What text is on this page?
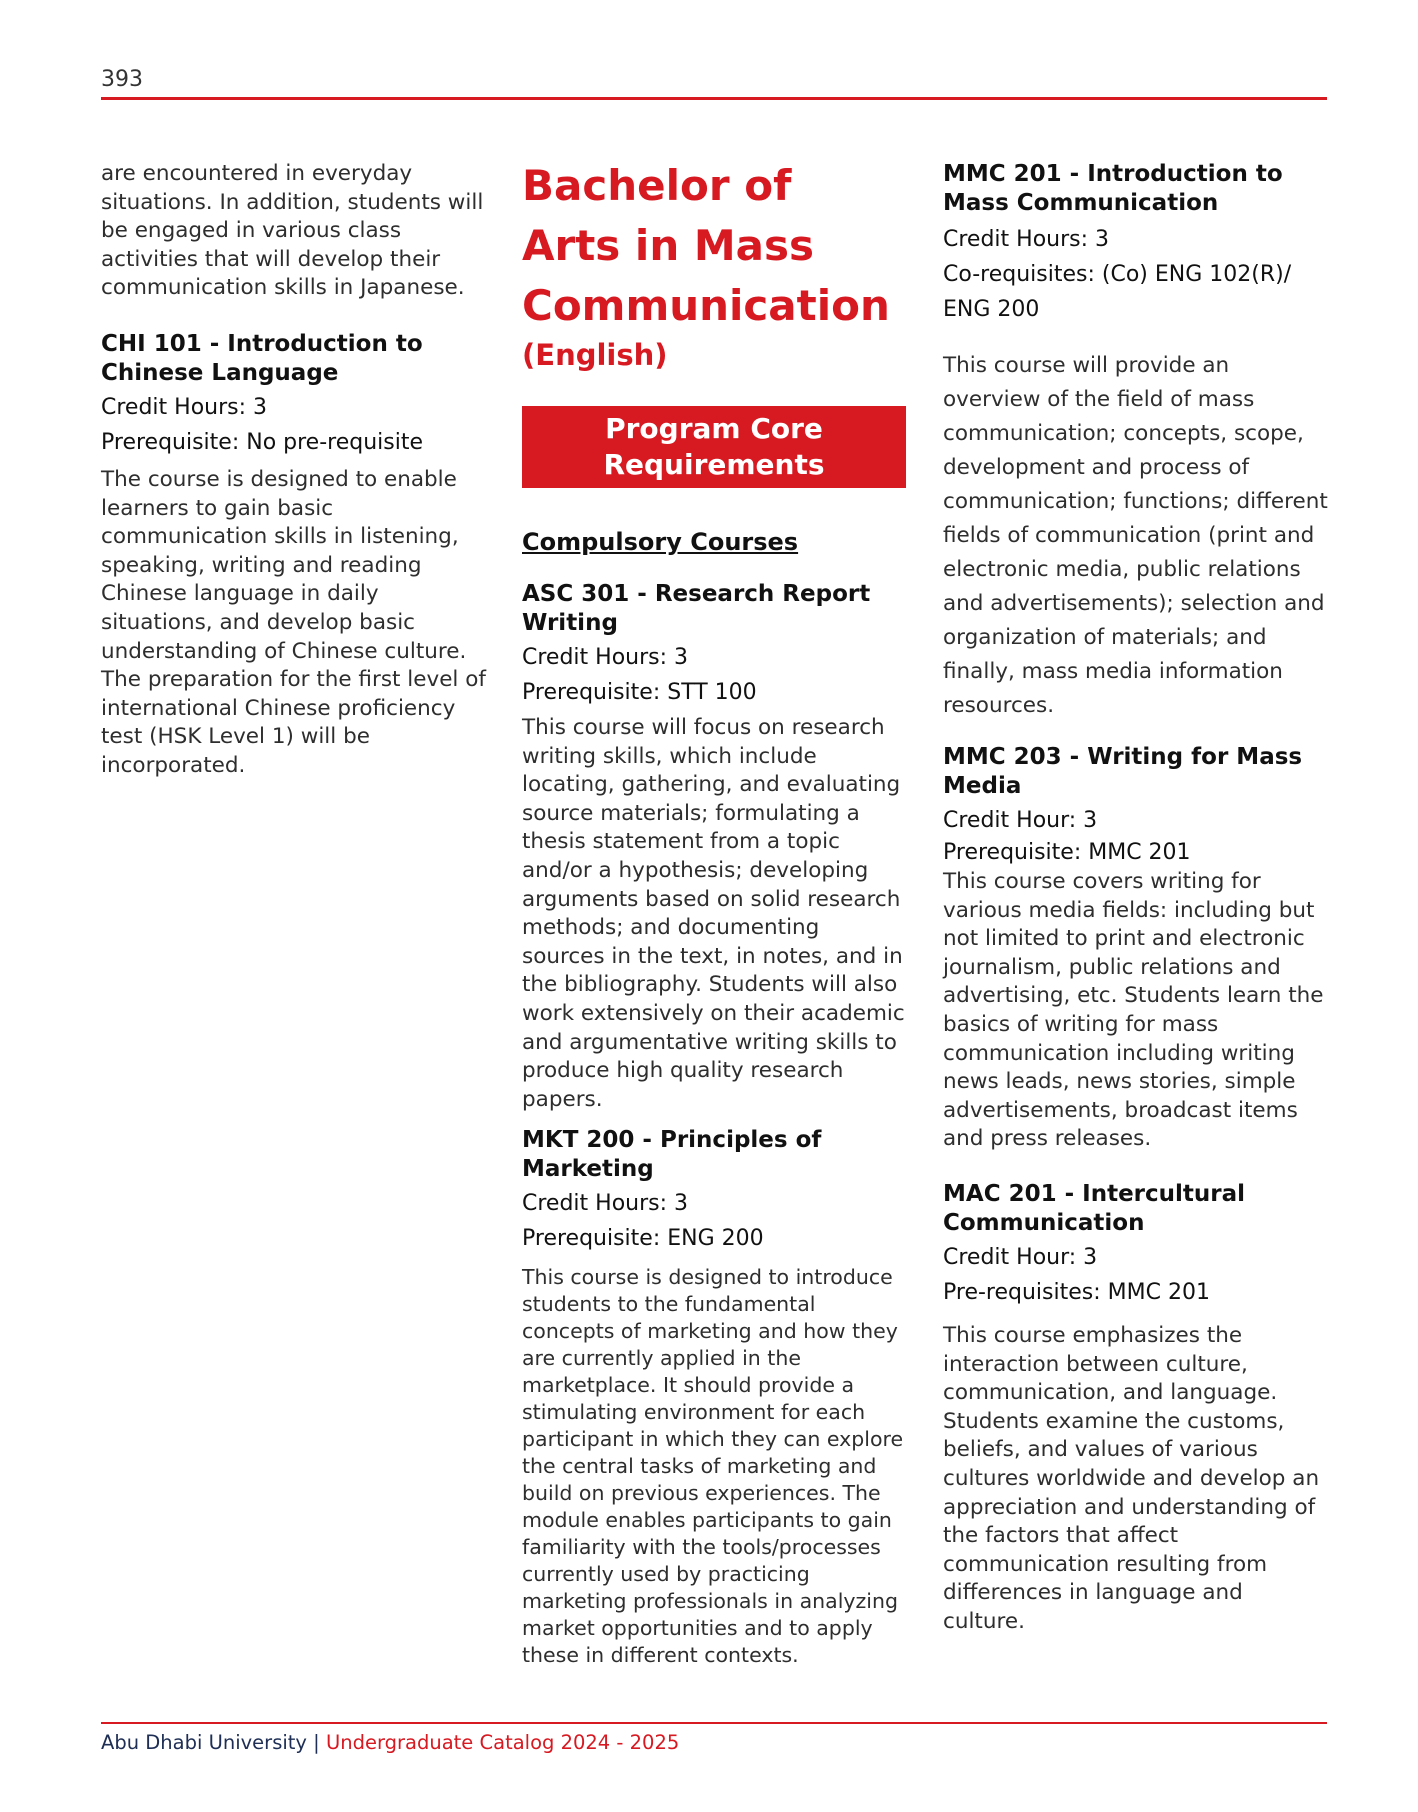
393

are encountered in everyday situations. In addition, students will be engaged in various class activities that will develop their communication skills in Japanese.

CHI 101 - Introduction to Chinese Language

Credit Hours: 3

Prerequisite: No pre-requisite

The course is designed to enable learners to gain basic communication skills in listening, speaking, writing and reading Chinese language in daily situations, and develop basic understanding of Chinese culture. The preparation for the first level of international Chinese proficiency test (HSK Level 1) will be incorporated.

Bachelor of

Arts in Mass

Communication

(English)

Program Core
Requirements

Compulsory Courses

ASC 301 - Research Report Writing

Credit Hours: 3

Prerequisite: STT 100

This course will focus on research writing skills, which include locating, gathering, and evaluating source materials; formulating a thesis statement from a topic and/or a hypothesis; developing arguments based on solid research methods; and documenting sources in the text, in notes, and in the bibliography. Students will also work extensively on their academic and argumentative writing skills to produce high quality research papers.

MKT 200 - Principles of Marketing

Credit Hours: 3

Prerequisite: ENG 200

This course is designed to introduce students to the fundamental concepts of marketing and how they are currently applied in the marketplace. It should provide a stimulating environment for each participant in which they can explore the central tasks of marketing and build on previous experiences. The module enables participants to gain familiarity with the tools/processes currently used by practicing marketing professionals in analyzing market opportunities and to apply these in different contexts.

MMC 201 - Introduction to Mass Communication

Credit Hours: 3

Co-requisites: (Co) ENG 102(R)/

ENG 200

This course will provide an overview of the field of mass communication; concepts, scope, development and process of communication; functions; different fields of communication (print and electronic media, public relations and advertisements); selection and organization of materials; and finally, mass media information resources.

MMC 203 - Writing for Mass Media

Credit Hour: 3

Prerequisite: MMC 201

This course covers writing for various media fields: including but not limited to print and electronic journalism, public relations and advertising, etc. Students learn the basics of writing for mass communication including writing news leads, news stories, simple advertisements, broadcast items and press releases.

MAC 201 - Intercultural Communication

Credit Hour: 3

Pre-requisites: MMC 201

This course emphasizes the interaction between culture, communication, and language. Students examine the customs, beliefs, and values of various cultures worldwide and develop an appreciation and understanding of the factors that affect communication resulting from differences in language and culture.

Abu Dhabi University | Undergraduate Catalog 2024 - 2025
